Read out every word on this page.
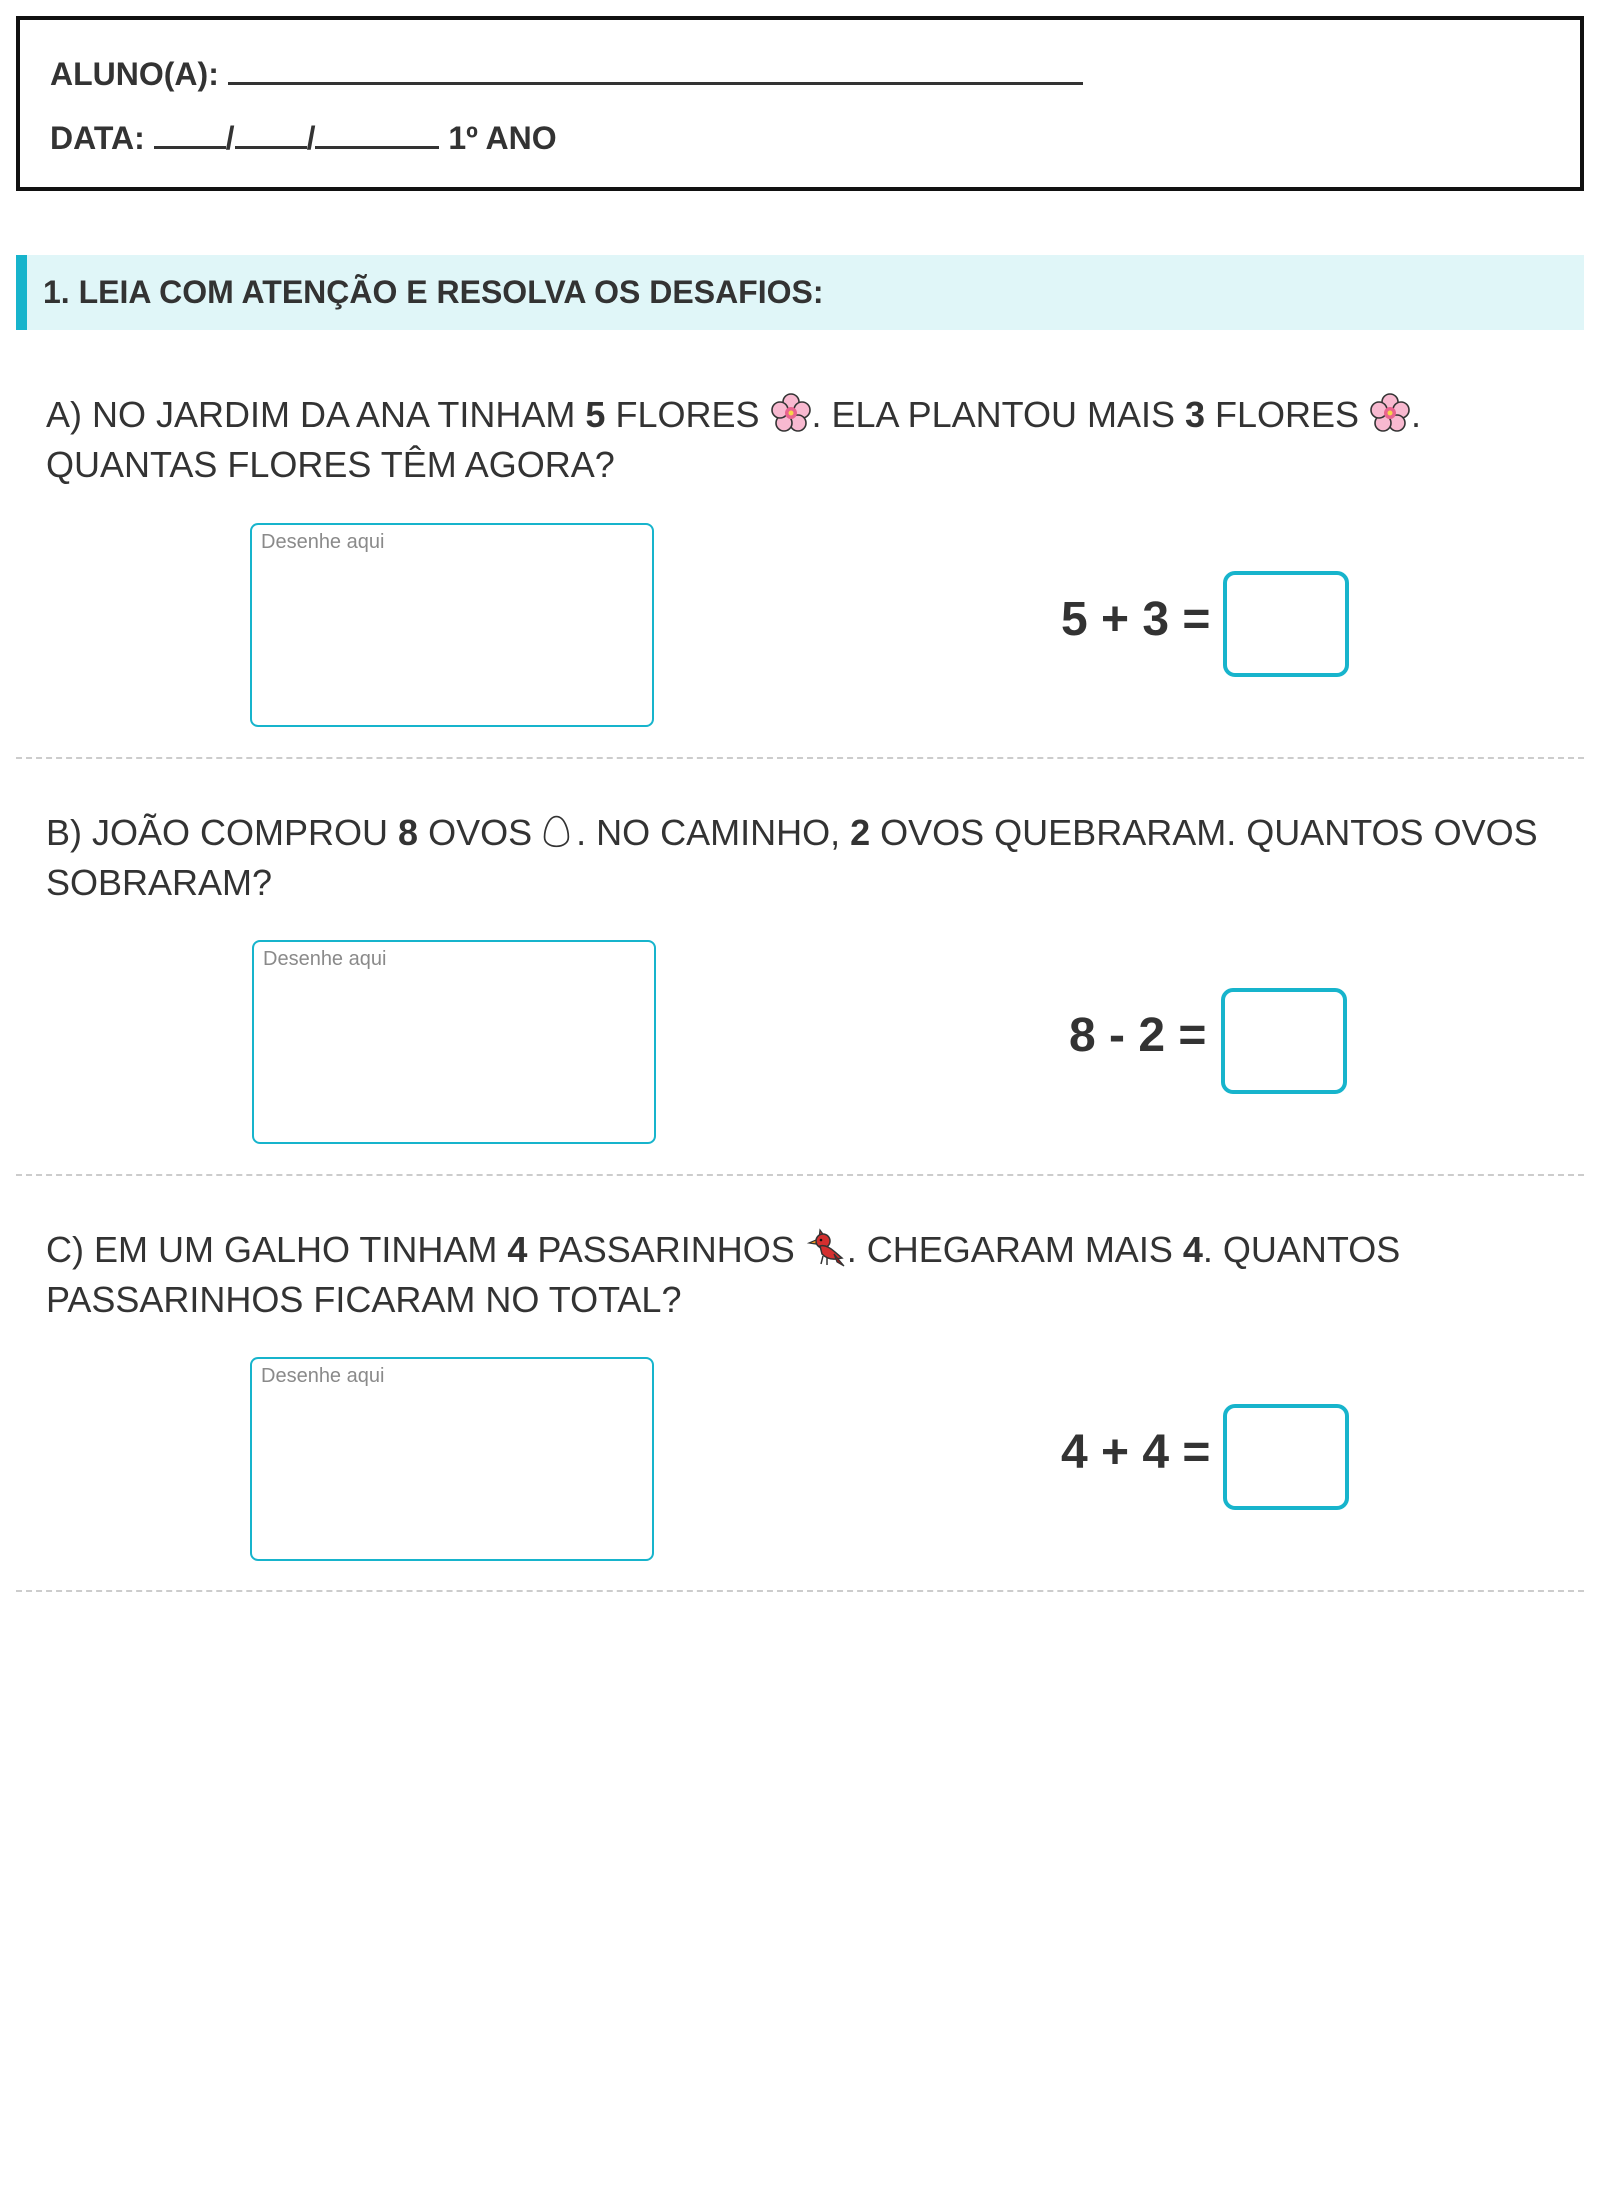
ALUNO(A):
DATA:	/ /	1º ANO
1. LEIA COM ATENÇÃO E RESOLVA OS DESAFIOS:
A) NO JARDIM DA ANA TINHAM 5 FLORES . ELA PLANTOU MAIS 3 FLORES .
QUANTAS FLORES TÊM AGORA?
Desenhe aqui
5 + 3 =
B) JOÃO COMPROU 8 OVOS . NO CAMINHO, 2 OVOS QUEBRARAM. QUANTOS OVOS
SOBRARAM?
Desenhe aqui
8 - 2 =
C) EM UM GALHO TINHAM 4 PASSARINHOS . CHEGARAM MAIS 4. QUANTOS
PASSARINHOS FICARAM NO TOTAL?
Desenhe aqui
4 + 4 =
